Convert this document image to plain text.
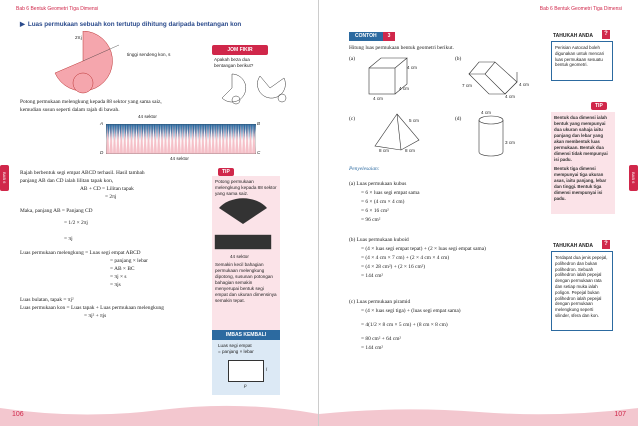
Bab 6 Bentuk Geometri Tiga Dimensi
BAB 6
▶ Luas permukaan sebuah kon tertutup dihitung daripada bentangan kon
2πj
tinggi sendeng kon, s
JOM FIKIR
Apakah beza dua bentangan berikut?
Potong permukaan melengkung kepada 88 sektor yang sama saiz,
kemudian susun seperti dalam rajah di bawah.
44 sektor
A	B
D	C
44 sektor
Rajah berbentuk segi empat ABCD terhasil. Hasil tambah
panjang AB dan CD ialah lilitan tapak kon,
AB + CD = Lilitan tapak
= 2πj
Maka, panjang AB = Panjang CD
= 1/2 × 2πj
= πj
Luas permukaan melengkung = Luas segi empat ABCD
= panjang × lebar
= AB × BC
= πj × s
= πjs
Luas bulatan, tapak = πj²
Luas permukaan kon = Luas tapak + Luas permukaan melengkung
= πj² + πjs
TIP
Potong permukaan melengkung kepada 88 sektor yang sama saiz.
44 sektor
Semakin kecil bahagian permukaan melengkung dipotong, susunan potongan bahagian semakin menyerupai bentuk segi empat dan ukuran dimensinya semakin tepat.
IMBAS KEMBALI
Luas segi empat
= panjang × lebar
l
p
106
Bab 6 Bentuk Geometri Tiga Dimensi
BAB 6
CONTOH	3
Hitung luas permukaan bentuk geometri berikut.
(a)
4 cm
4 cm
4 cm
(b)
7 cm	4 cm
4 cm
(c)	5 cm
8 cm	8 cm
(d)
4 cm
3 cm
Penyelesaian:
(a) Luas permukaan kubus
= 6 × luas segi empat sama
= 6 × (4 cm × 4 cm)
= 6 × 16 cm²
= 96 cm²
(b) Luas permukaan kuboid
= (4 × luas segi empat tepat) + (2 × luas segi empat sama)
= (4 × 4 cm × 7 cm) + (2 × 4 cm × 4 cm)
= (4 × 28 cm²) + (2 × 16 cm²)
= 144 cm²
(c) Luas permukaan piramid
= (4 × luas segi tiga) + (luas segi empat sama)
= 4(1/2 × 8 cm × 5 cm) + (8 cm × 8 cm)
= 80 cm² + 64 cm²
= 144 cm²
TAHUKAH ANDA	?
Perisian Autocad boleh digunakan untuk mencari luas permukaan sesuatu bentuk geometri.
TIP
Bentuk dua dimensi ialah bentuk yang mempunyai dua ukuran sahaja iaitu panjang dan lebar yang akan membentuk luas permukaan. Bentuk dua dimensi tidak mempunyai isi padu.
Bentuk tiga dimensi mempunyai tiga ukuran asas, iaitu panjang, lebar dan tinggi. Bentuk tiga dimensi mempunyai isi padu.
TAHUKAH ANDA	?
Terdapat dua jenis pepejal, polihedron dan bukan polihedron. Sebuah polihedron ialah pepejal dengan permukaan rata dan setiap muka ialah poligon. Pepejal bukan polihedron ialah pepejal dengan permukaan melengkung seperti silinder, sfera dan kon.
107
